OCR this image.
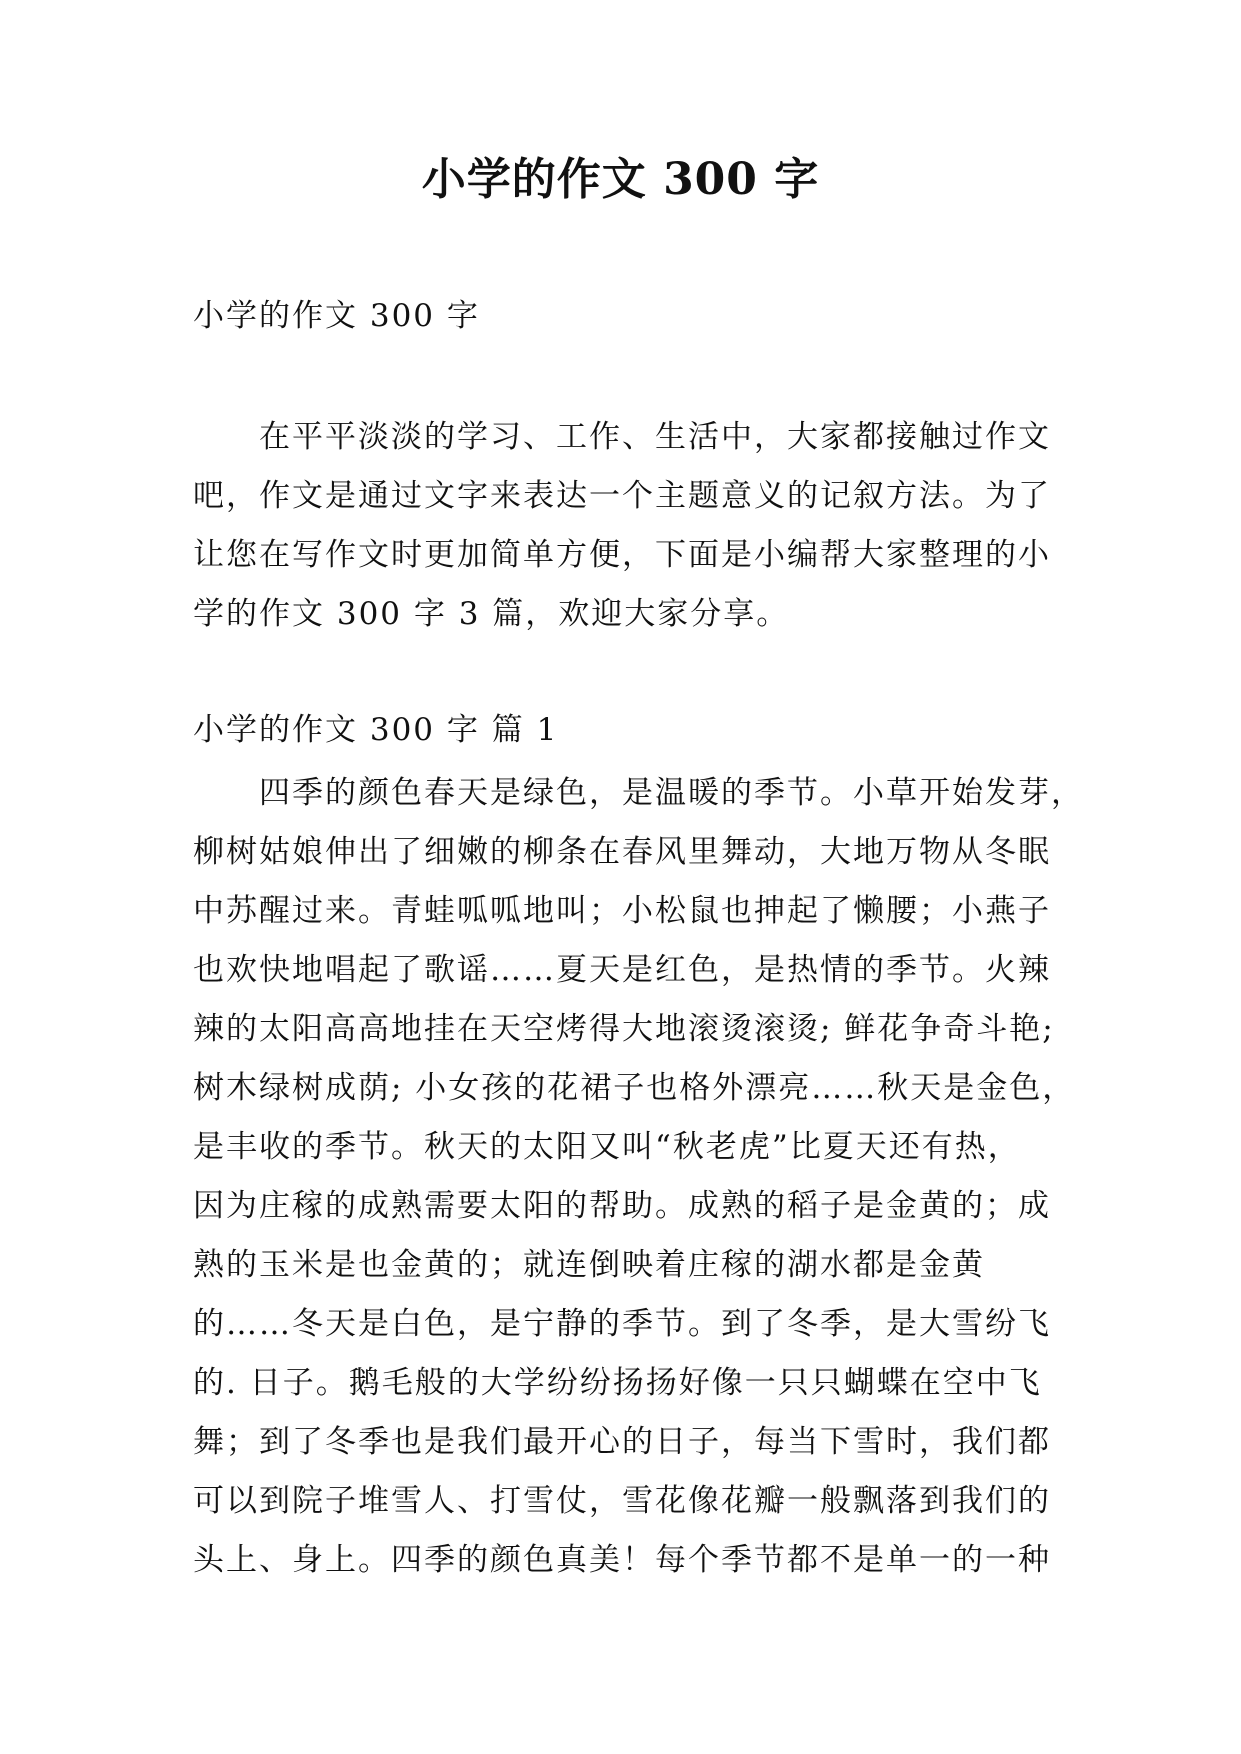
小学的作文 300 字
小学的作文 300 字
在平平淡淡的学习、工作、生活中，大家都接触过作文
吧，作文是通过文字来表达一个主题意义的记叙方法。为了
让您在写作文时更加简单方便，下面是小编帮大家整理的小
学的作文 300 字 3 篇，欢迎大家分享。
小学的作文 300 字 篇 1
四季的颜色春天是绿色，是温暖的季节。小草开始发芽，
柳树姑娘伸出了细嫩的柳条在春风里舞动，大地万物从冬眠
中苏醒过来。青蛙呱呱地叫；小松鼠也抻起了懒腰；小燕子
也欢快地唱起了歌谣……夏天是红色，是热情的季节。火辣
辣的太阳高高地挂在天空烤得大地滚烫滚烫; 鲜花争奇斗艳;
树木绿树成荫; 小女孩的花裙子也格外漂亮……秋天是金色，
是丰收的季节。秋天的太阳又叫“秋老虎”比夏天还有热，
因为庄稼的成熟需要太阳的帮助。成熟的稻子是金黄的；成
熟的玉米是也金黄的；就连倒映着庄稼的湖水都是金黄
的……冬天是白色，是宁静的季节。到了冬季，是大雪纷飞
的. 日子。鹅毛般的大学纷纷扬扬好像一只只蝴蝶在空中飞
舞；到了冬季也是我们最开心的日子，每当下雪时，我们都
可以到院子堆雪人、打雪仗，雪花像花瓣一般飘落到我们的
头上、身上。四季的颜色真美！每个季节都不是单一的一种
